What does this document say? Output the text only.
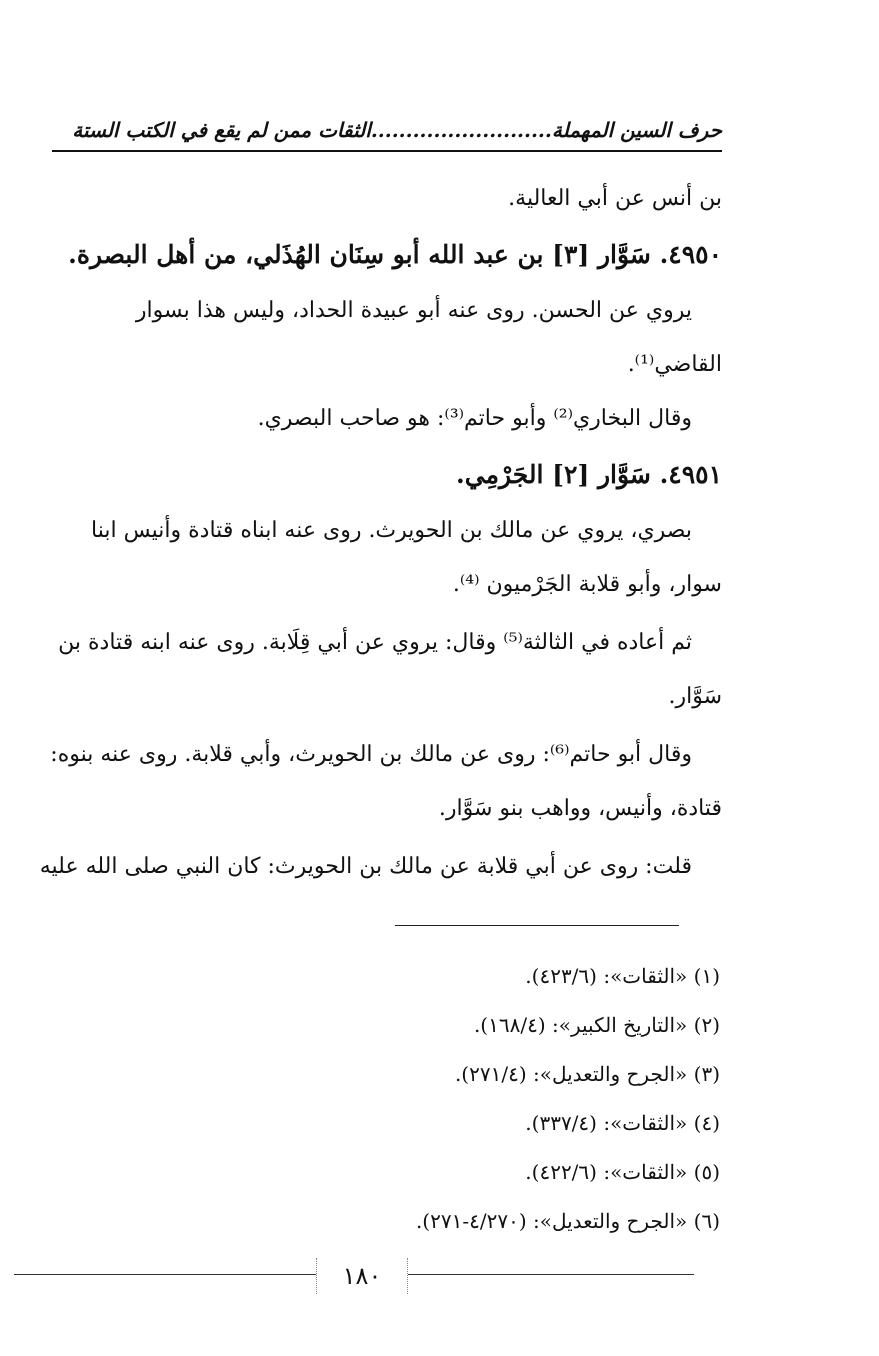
حرف السين المهملة..........................الثقات ممن لم يقع في الكتب الستة

بن أنس عن أبي العالية.

٤٩٥٠. سَوَّار [٣] بن عبد الله أبو سِنَان الهُذَلي، من أهل البصرة.

يروي عن الحسن. روى عنه أبو عبيدة الحداد، وليس هذا بسوار القاضي⁽¹⁾.

وقال البخاري⁽²⁾ وأبو حاتم⁽³⁾: هو صاحب البصري.

٤٩٥١. سَوَّار [٢] الجَرْمِي.

بصري، يروي عن مالك بن الحويرث. روى عنه ابناه قتادة وأنيس ابنا سوار، وأبو قلابة الجَرْميون ⁽⁴⁾.

ثم أعاده في الثالثة⁽⁵⁾ وقال: يروي عن أبي قِلَابة. روى عنه ابنه قتادة بن سَوَّار.

وقال أبو حاتم⁽⁶⁾: روى عن مالك بن الحويرث، وأبي قلابة. روى عنه بنوه: قتادة، وأنيس، وواهب بنو سَوَّار.

قلت: روى عن أبي قلابة عن مالك بن الحويرث: كان النبي صلى الله عليه

(١) «الثقات»: (٤٢٣/٦).

(٢) «التاريخ الكبير»: (١٦٨/٤).

(٣) «الجرح والتعديل»: (٢٧١/٤).

(٤) «الثقات»: (٣٣٧/٤).

(٥) «الثقات»: (٤٢٢/٦).

(٦) «الجرح والتعديل»: (٤/٢٧٠-٢٧١).

١٨٠
